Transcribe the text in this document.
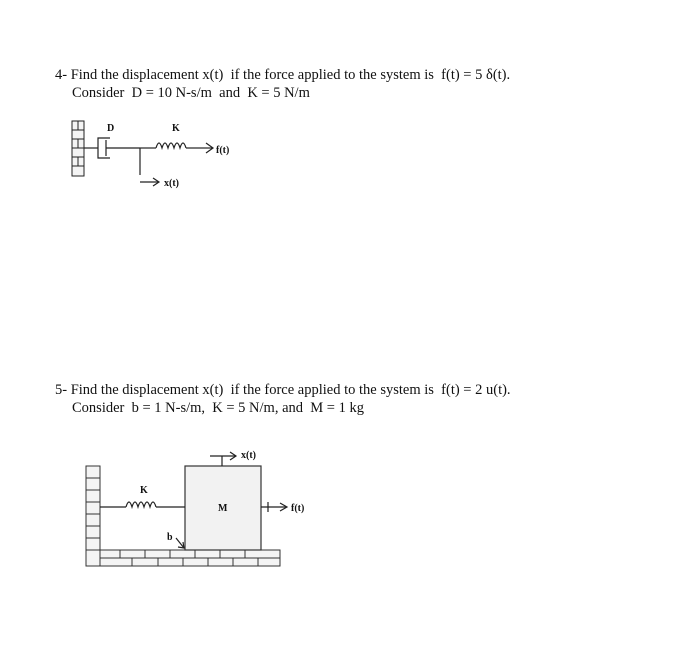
4- Find the displacement x(t)  if the force applied to the system is  f(t) = 5 δ(t).
Consider  D = 10 N-s/m  and  K = 5 N/m
D	K
f(t)
x(t)
x(t)
K
M	f(t)
b
5- Find the displacement x(t)  if the force applied to the system is  f(t) = 2 u(t).
Consider  b = 1 N-s/m,  K = 5 N/m, and  M = 1 kg
